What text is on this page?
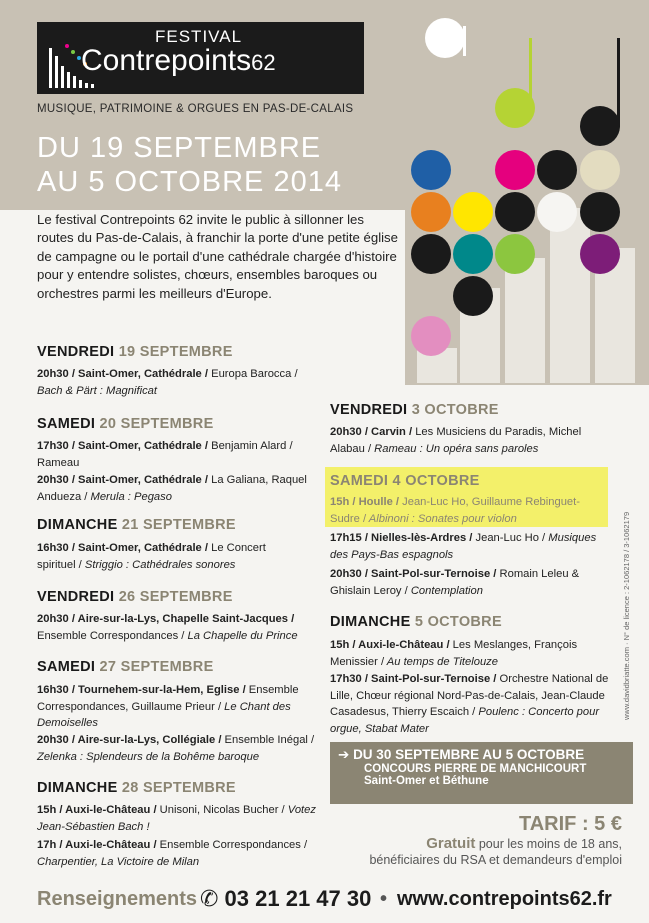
FESTIVAL
Contrepoints62
MUSIQUE, PATRIMOINE & ORGUES EN PAS-DE-CALAIS
DU 19 SEPTEMBRE
AU 5 OCTOBRE 2014
Le festival Contrepoints 62 invite le public à sillonner les routes du Pas-de-Calais, à franchir la porte d'une petite église de campagne ou le portail d'une cathédrale chargée d'histoire pour y entendre solistes, chœurs, ensembles baroques ou orchestres parmi les meilleurs d'Europe.
VENDREDI 19 SEPTEMBRE
20h30 / Saint-Omer, Cathédrale / Europa Barocca /
Bach & Pärt : Magnificat
SAMEDI 20 SEPTEMBRE
17h30 / Saint-Omer, Cathédrale / Benjamin Alard / Rameau
20h30 / Saint-Omer, Cathédrale / La Galiana, Raquel Andueza / Merula : Pegaso
DIMANCHE 21 SEPTEMBRE
16h30 / Saint-Omer, Cathédrale / Le Concert spirituel / Striggio : Cathédrales sonores
VENDREDI 26 SEPTEMBRE
20h30 / Aire-sur-la-Lys, Chapelle Saint-Jacques / Ensemble Correspondances / La Chapelle du Prince
SAMEDI 27 SEPTEMBRE
16h30 / Tournehem-sur-la-Hem, Eglise / Ensemble Correspondances, Guillaume Prieur / Le Chant des Demoiselles
20h30 / Aire-sur-la-Lys, Collégiale / Ensemble Inégal / Zelenka : Splendeurs de la Bohême baroque
DIMANCHE 28 SEPTEMBRE
15h / Auxi-le-Château / Unisoni, Nicolas Bucher / Votez Jean-Sébastien Bach !
17h / Auxi-le-Château / Ensemble Correspondances / Charpentier, La Victoire de Milan
VENDREDI 3 OCTOBRE
20h30 / Carvin / Les Musiciens du Paradis, Michel Alabau / Rameau : Un opéra sans paroles
SAMEDI 4 OCTOBRE
15h / Houlle / Jean-Luc Ho, Guillaume Rebinguet-Sudre / Albinoni : Sonates pour violon
17h15 / Nielles-lès-Ardres / Jean-Luc Ho / Musiques des Pays-Bas espagnols
20h30 / Saint-Pol-sur-Ternoise / Romain Leleu & Ghislain Leroy / Contemplation
DIMANCHE 5 OCTOBRE
15h / Auxi-le-Château / Les Meslanges, François Menissier / Au temps de Titelouze
17h30 / Saint-Pol-sur-Ternoise / Orchestre National de Lille, Chœur régional Nord-Pas-de-Calais, Jean-Claude Casadesus, Thierry Escaich / Poulenc : Concerto pour orgue, Stabat Mater
➔ DU 30 SEPTEMBRE AU 5 OCTOBRE
CONCOURS PIERRE DE MANCHICOURT
Saint-Omer et Béthune
TARIF : 5 €
Gratuit pour les moins de 18 ans,
bénéficiaires du RSA et demandeurs d'emploi
Renseignements ✆ 03 21 21 47 30 • www.contrepoints62.fr
www.davidbriatte.com · N° de licence : 2-1062178 / 3-1062179
